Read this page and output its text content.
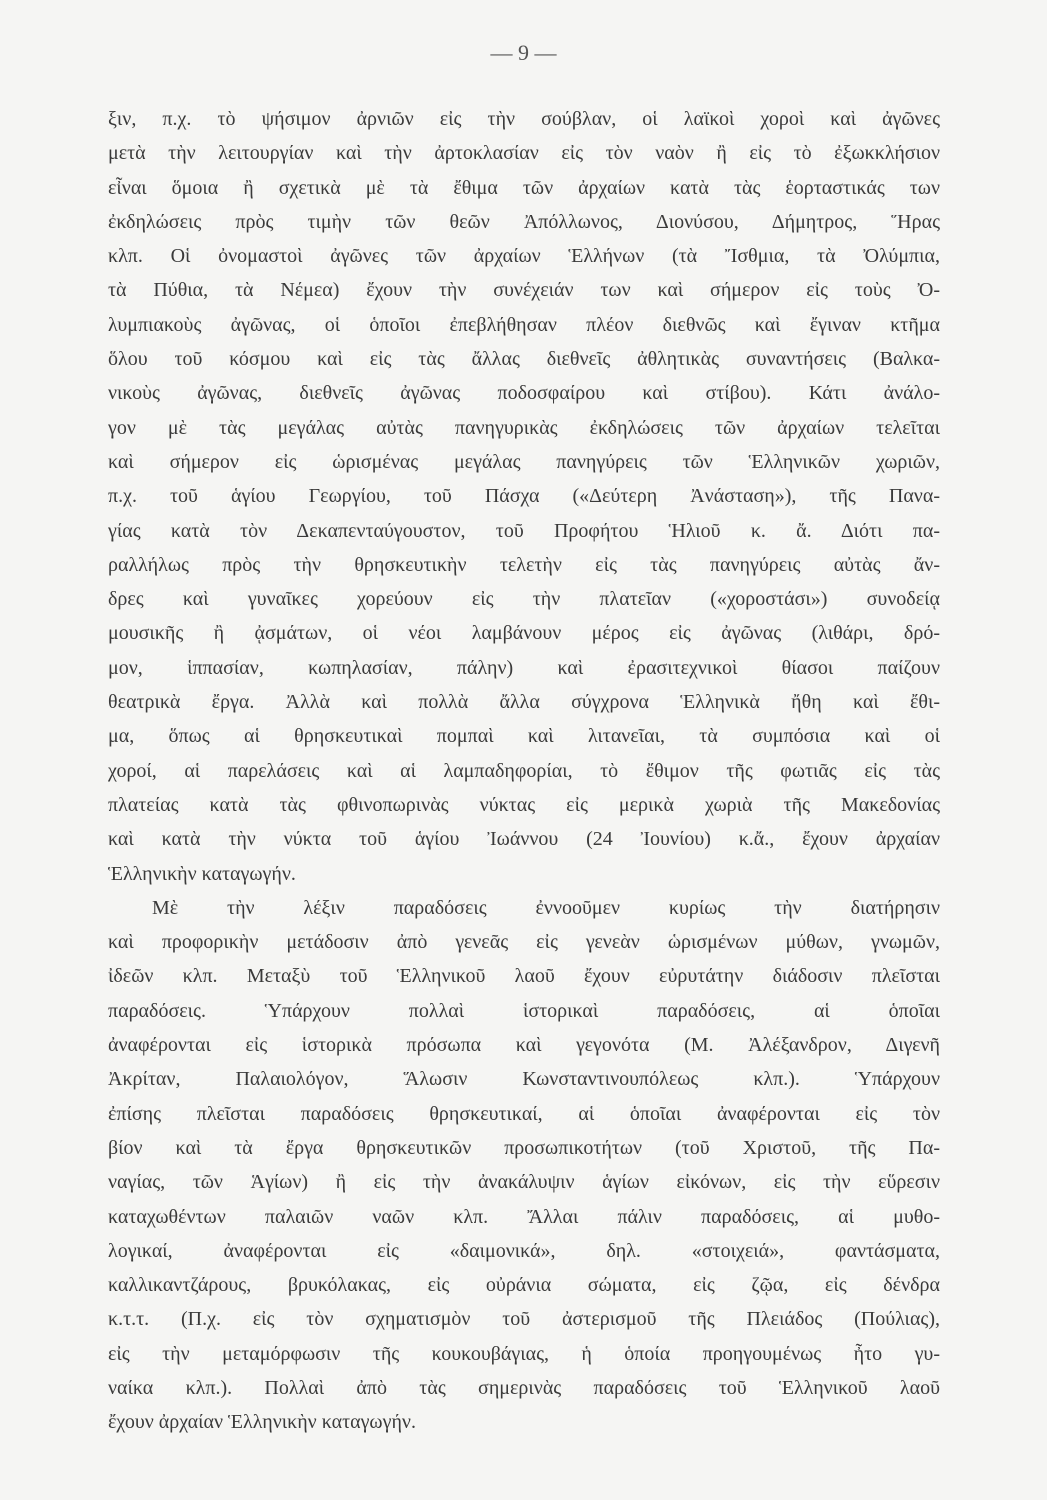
— 9 —
ξιν, π.χ. τὸ ψήσιμον ἀρνιῶν εἰς τὴν σούβλαν, οἱ λαϊκοὶ χοροὶ καὶ ἀγῶνες
μετὰ τὴν λειτουργίαν καὶ τὴν ἀρτοκλασίαν εἰς τὸν ναὸν ἢ εἰς τὸ ἐξωκκλήσιον
εἶναι ὅμοια ἢ σχετικὰ μὲ τὰ ἔθιμα τῶν ἀρχαίων κατὰ τὰς ἑορταστικάς των
ἐκδηλώσεις πρὸς τιμὴν τῶν θεῶν Ἀπόλλωνος, Διονύσου, Δήμητρος, Ἥρας
κλπ. Οἱ ὀνομαστοὶ ἀγῶνες τῶν ἀρχαίων Ἑλλήνων (τὰ Ἴσθμια, τὰ Ὀλύμπια,
τὰ Πύθια, τὰ Νέμεα) ἔχουν τὴν συνέχειάν των καὶ σήμερον εἰς τοὺς Ὀ-
λυμπιακοὺς ἀγῶνας, οἱ ὁποῖοι ἐπεβλήθησαν πλέον διεθνῶς καὶ ἔγιναν κτῆμα
ὅλου τοῦ κόσμου καὶ εἰς τὰς ἄλλας διεθνεῖς ἀθλητικὰς συναντήσεις (Βαλκα-
νικοὺς ἀγῶνας, διεθνεῖς ἀγῶνας ποδοσφαίρου καὶ στίβου). Κάτι ἀνάλο-
γον μὲ τὰς μεγάλας αὐτὰς πανηγυρικὰς ἐκδηλώσεις τῶν ἀρχαίων τελεῖται
καὶ σήμερον εἰς ὡρισμένας μεγάλας πανηγύρεις τῶν Ἑλληνικῶν χωριῶν,
π.χ. τοῦ ἁγίου Γεωργίου, τοῦ Πάσχα («Δεύτερη Ἀνάσταση»), τῆς Πανα-
γίας κατὰ τὸν Δεκαπενταύγουστον, τοῦ Προφήτου Ἡλιοῦ κ. ἄ. Διότι πα-
ραλλήλως πρὸς τὴν θρησκευτικὴν τελετὴν εἰς τὰς πανηγύρεις αὐτὰς ἄν-
δρες καὶ γυναῖκες χορεύουν εἰς τὴν πλατεῖαν («χοροστάσι») συνοδείᾳ
μουσικῆς ἢ ᾀσμάτων, οἱ νέοι λαμβάνουν μέρος εἰς ἀγῶνας (λιθάρι, δρό-
μον, ἱππασίαν, κωπηλασίαν, πάλην) καὶ ἐρασιτεχνικοὶ θίασοι παίζουν
θεατρικὰ ἔργα. Ἀλλὰ καὶ πολλὰ ἄλλα σύγχρονα Ἑλληνικὰ ἤθη καὶ ἔθι-
μα, ὅπως αἱ θρησκευτικαὶ πομπαὶ καὶ λιτανεῖαι, τὰ συμπόσια καὶ οἱ
χοροί, αἱ παρελάσεις καὶ αἱ λαμπαδηφορίαι, τὸ ἔθιμον τῆς φωτιᾶς εἰς τὰς
πλατείας κατὰ τὰς φθινοπωρινὰς νύκτας εἰς μερικὰ χωριὰ τῆς Μακεδονίας
καὶ κατὰ τὴν νύκτα τοῦ ἁγίου Ἰωάννου (24 Ἰουνίου) κ.ἄ., ἔχουν ἀρχαίαν
Ἑλληνικὴν καταγωγήν.
Μὲ τὴν λέξιν παραδόσεις ἐννοοῦμεν κυρίως τὴν διατήρησιν
καὶ προφορικὴν μετάδοσιν ἀπὸ γενεᾶς εἰς γενεὰν ὡρισμένων μύθων, γνωμῶν,
ἰδεῶν κλπ. Μεταξὺ τοῦ Ἑλληνικοῦ λαοῦ ἔχουν εὐρυτάτην διάδοσιν πλεῖσται
παραδόσεις. Ὑπάρχουν πολλαὶ ἱστορικαὶ παραδόσεις, αἱ ὁποῖαι
ἀναφέρονται εἰς ἱστορικὰ πρόσωπα καὶ γεγονότα (Μ. Ἀλέξανδρον, Διγενῆ
Ἀκρίταν, Παλαιολόγον, Ἅλωσιν Κωνσταντινουπόλεως κλπ.). Ὑπάρχουν
ἐπίσης πλεῖσται παραδόσεις θρησκευτικαί, αἱ ὁποῖαι ἀναφέρονται εἰς τὸν
βίον καὶ τὰ ἔργα θρησκευτικῶν προσωπικοτήτων (τοῦ Χριστοῦ, τῆς Πα-
ναγίας, τῶν Ἁγίων) ἢ εἰς τὴν ἀνακάλυψιν ἁγίων εἰκόνων, εἰς τὴν εὕρεσιν
καταχωθέντων παλαιῶν ναῶν κλπ. Ἄλλαι πάλιν παραδόσεις, αἱ μυθο-
λογικαί, ἀναφέρονται εἰς «δαιμονικά», δηλ. «στοιχειά», φαντάσματα,
καλλικαντζάρους, βρυκόλακας, εἰς οὐράνια σώματα, εἰς ζῷα, εἰς δένδρα
κ.τ.τ. (Π.χ. εἰς τὸν σχηματισμὸν τοῦ ἀστερισμοῦ τῆς Πλειάδος (Πούλιας),
εἰς τὴν μεταμόρφωσιν τῆς κουκουβάγιας, ἡ ὁποία προηγουμένως ἦτο γυ-
ναίκα κλπ.). Πολλαὶ ἀπὸ τὰς σημερινὰς παραδόσεις τοῦ Ἑλληνικοῦ λαοῦ
ἔχουν ἀρχαίαν Ἑλληνικὴν καταγωγήν.
